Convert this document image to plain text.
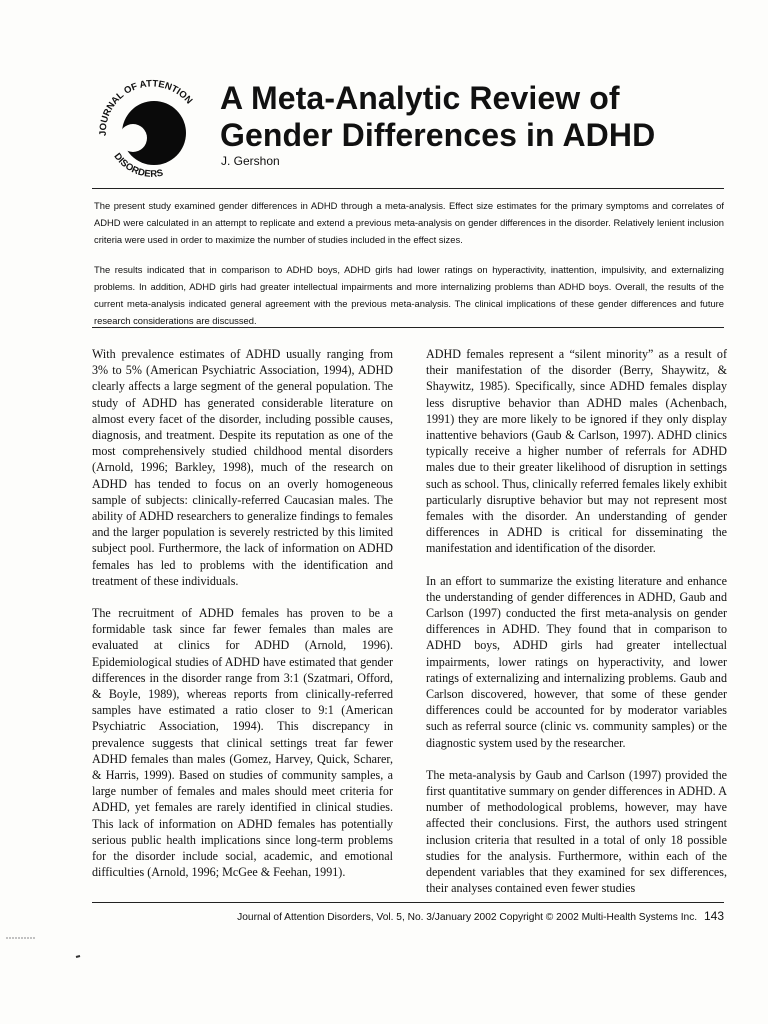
JOURNAL OF ATTENTION
DISORDERS
A Meta-Analytic Review of
Gender Differences in ADHD
J. Gershon

The present study examined gender differences in ADHD through a meta-analysis. Effect size estimates for the primary symptoms and correlates of ADHD were calculated in an attempt to replicate and extend a previous meta-analysis on gender differences in the disorder. Relatively lenient inclusion criteria were used in order to maximize the number of studies included in the effect sizes.

The results indicated that in comparison to ADHD boys, ADHD girls had lower ratings on hyperactivity, inattention, impulsivity, and externalizing problems. In addition, ADHD girls had greater intellectual impairments and more internalizing problems than ADHD boys. Overall, the results of the current meta-analysis indicated general agreement with the previous meta-analysis. The clinical implications of these gender differences and future research considerations are discussed.

With prevalence estimates of ADHD usually ranging from 3% to 5% (American Psychiatric Association, 1994), ADHD clearly affects a large segment of the general population. The study of ADHD has generated considerable literature on almost every facet of the disorder, including possible causes, diagnosis, and treatment. Despite its reputation as one of the most comprehensively studied childhood mental disorders (Arnold, 1996; Barkley, 1998), much of the research on ADHD has tended to focus on an overly homogeneous sample of subjects: clinically-referred Caucasian males. The ability of ADHD researchers to generalize findings to females and the larger population is severely restricted by this limited subject pool. Furthermore, the lack of information on ADHD females has led to problems with the identification and treatment of these individuals.

The recruitment of ADHD females has proven to be a formidable task since far fewer females than males are evaluated at clinics for ADHD (Arnold, 1996). Epidemiological studies of ADHD have estimated that gender differences in the disorder range from 3:1 (Szatmari, Offord, & Boyle, 1989), whereas reports from clinically-referred samples have estimated a ratio closer to 9:1 (American Psychiatric Association, 1994). This discrepancy in prevalence suggests that clinical settings treat far fewer ADHD females than males (Gomez, Harvey, Quick, Scharer, & Harris, 1999). Based on studies of community samples, a large number of females and males should meet criteria for ADHD, yet females are rarely identified in clinical studies. This lack of information on ADHD females has potentially serious public health implications since long-term problems for the disorder include social, academic, and emotional difficulties (Arnold, 1996; McGee & Feehan, 1991).

ADHD females represent a “silent minority” as a result of their manifestation of the disorder (Berry, Shaywitz, & Shaywitz, 1985). Specifically, since ADHD females display less disruptive behavior than ADHD males (Achenbach, 1991) they are more likely to be ignored if they only display inattentive behaviors (Gaub & Carlson, 1997). ADHD clinics typically receive a higher number of referrals for ADHD males due to their greater likelihood of disruption in settings such as school. Thus, clinically referred females likely exhibit particularly disruptive behavior but may not represent most females with the disorder. An understanding of gender differences in ADHD is critical for disseminating the manifestation and identification of the disorder.

In an effort to summarize the existing literature and enhance the understanding of gender differences in ADHD, Gaub and Carlson (1997) conducted the first meta-analysis on gender differences in ADHD. They found that in comparison to ADHD boys, ADHD girls had greater intellectual impairments, lower ratings on hyperactivity, and lower ratings of externalizing and internalizing problems. Gaub and Carlson discovered, however, that some of these gender differences could be accounted for by moderator variables such as referral source (clinic vs. community samples) or the diagnostic system used by the researcher.

The meta-analysis by Gaub and Carlson (1997) provided the first quantitative summary on gender differences in ADHD. A number of methodological problems, however, may have affected their conclusions. First, the authors used stringent inclusion criteria that resulted in a total of only 18 possible studies for the analysis. Furthermore, within each of the dependent variables that they examined for sex differences, their analyses contained even fewer studies

Journal of Attention Disorders, Vol. 5, No. 3/January 2002 Copyright © 2002 Multi-Health Systems Inc. 143
